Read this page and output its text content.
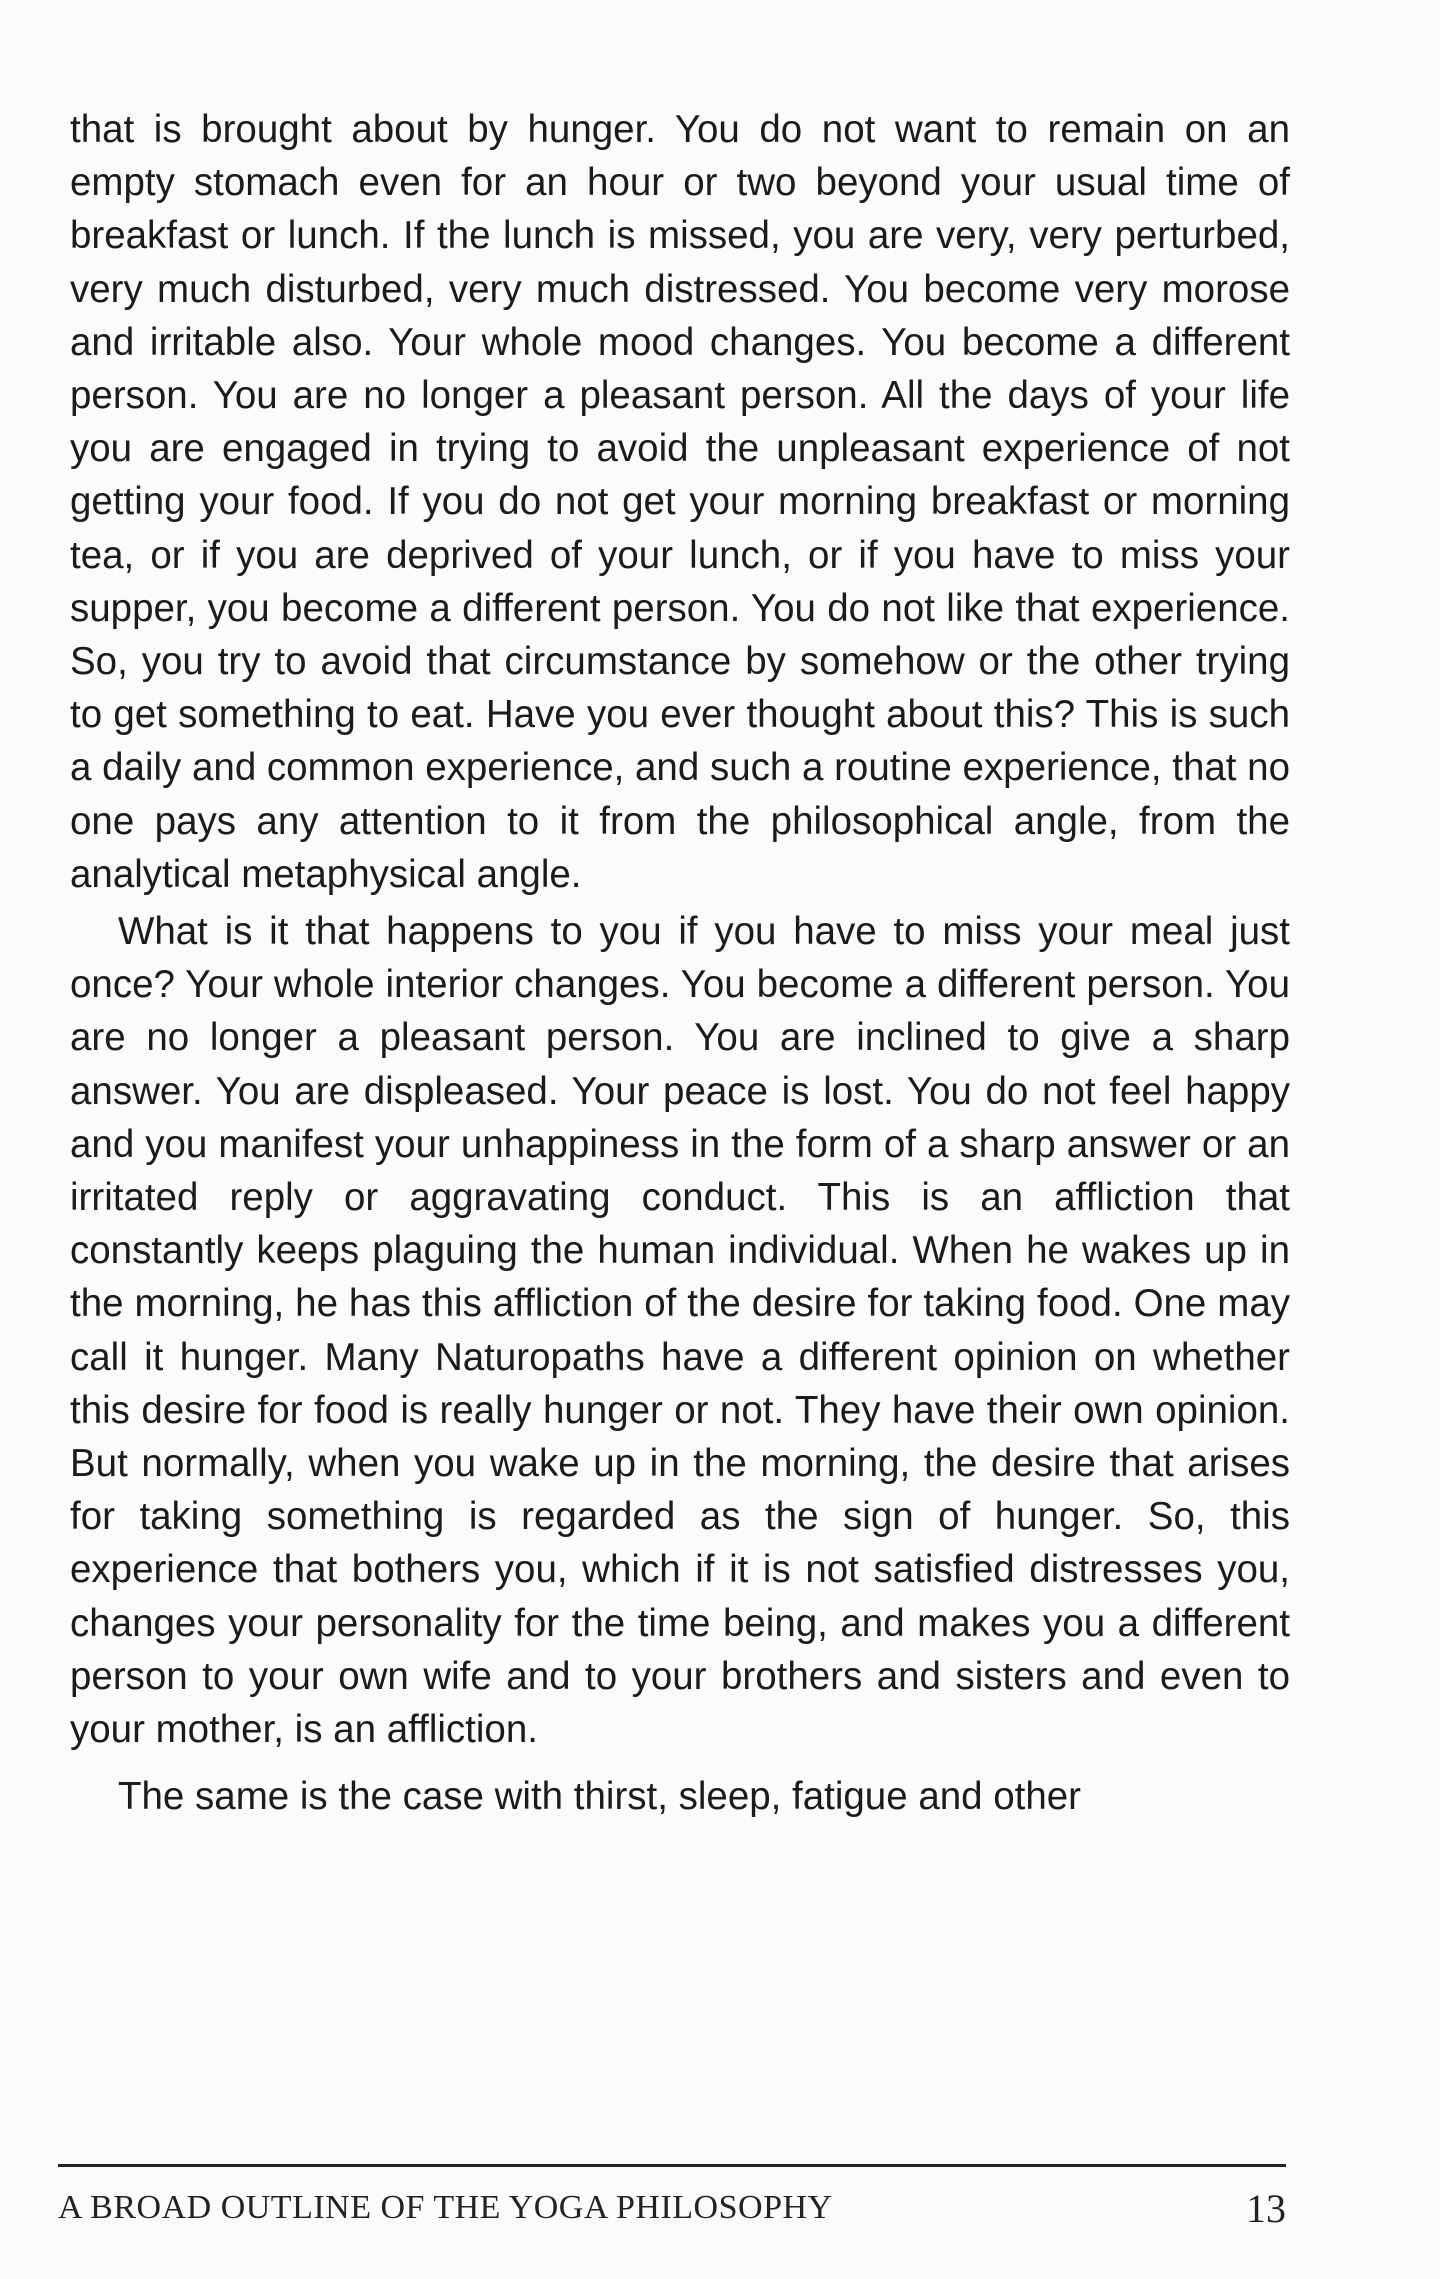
that is brought about by hunger. You do not want to remain on an empty stomach even for an hour or two beyond your usual time of breakfast or lunch. If the lunch is missed, you are very, very perturbed, very much disturbed, very much distressed. You become very morose and irritable also. Your whole mood changes. You become a different person. You are no longer a pleasant person. All the days of your life you are engaged in trying to avoid the unpleasant experience of not getting your food. If you do not get your morning breakfast or morning tea, or if you are deprived of your lunch, or if you have to miss your supper, you become a different person. You do not like that experience. So, you try to avoid that circumstance by somehow or the other trying to get something to eat. Have you ever thought about this? This is such a daily and common experience, and such a routine experience, that no one pays any attention to it from the philosophical angle, from the analytical metaphysical angle.

What is it that happens to you if you have to miss your meal just once? Your whole interior changes. You become a different person. You are no longer a pleasant person. You are inclined to give a sharp answer. You are displeased. Your peace is lost. You do not feel happy and you manifest your unhappiness in the form of a sharp answer or an irritated reply or aggravating conduct. This is an affliction that constantly keeps plaguing the human individual. When he wakes up in the morning, he has this affliction of the desire for taking food. One may call it hunger. Many Naturopaths have a different opinion on whether this desire for food is really hunger or not. They have their own opinion. But normally, when you wake up in the morning, the desire that arises for taking something is regarded as the sign of hunger. So, this experience that bothers you, which if it is not satisfied distresses you, changes your personality for the time being, and makes you a different person to your own wife and to your brothers and sisters and even to your mother, is an affliction.

The same is the case with thirst, sleep, fatigue and other

A BROAD OUTLINE OF THE YOGA PHILOSOPHY	13
